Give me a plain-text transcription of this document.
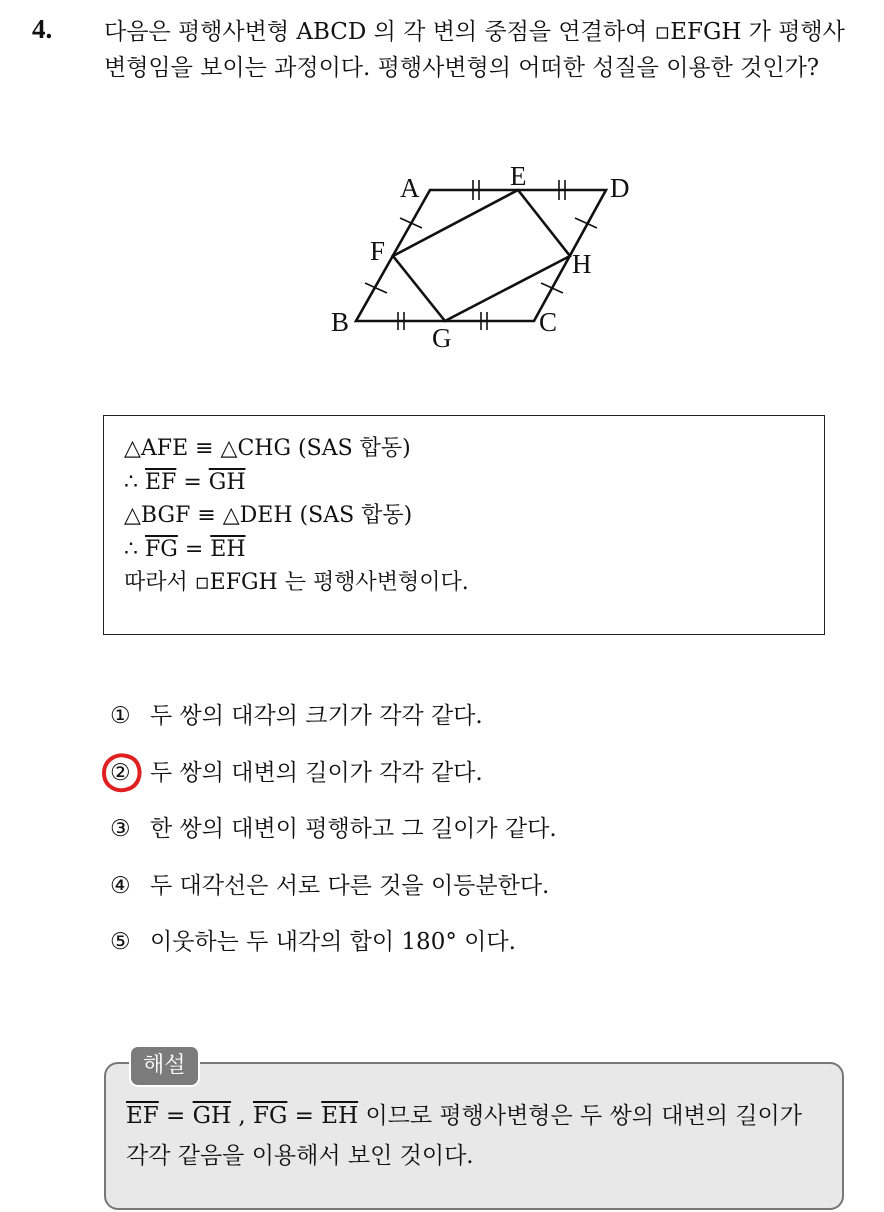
4. 다음은 평행사변형 ABCD 의 각 변의 중점을 연결하여 ▫EFGH 가 평행사변형임을 보이는 과정이다. 평행사변형의 어떠한 성질을 이용한 것인가?

A	E	D
F	H
B
G
C
△AFE ≡ △CHG (SAS 합동)
∴ $\overline{EF} = \overline{GH}$
△BGF ≡ △DEH (SAS 합동)
∴ $\overline{FG} = \overline{EH}$
따라서 ▫EFGH 는 평행사변형이다.
① 두 쌍의 대각의 크기가 각각 같다.
② 두 쌍의 대변의 길이가 각각 같다.
③ 한 쌍의 대변이 평행하고 그 길이가 같다.
④ 두 대각선은 서로 다른 것을 이등분한다.
⑤ 이웃하는 두 내각의 합이 180° 이다.
해설
$\overline{EF} = \overline{GH}$ , $\overline{FG} = \overline{EH}$ 이므로 평행사변형은 두 쌍의 대변의 길이가 각각 같음을 이용해서 보인 것이다.
